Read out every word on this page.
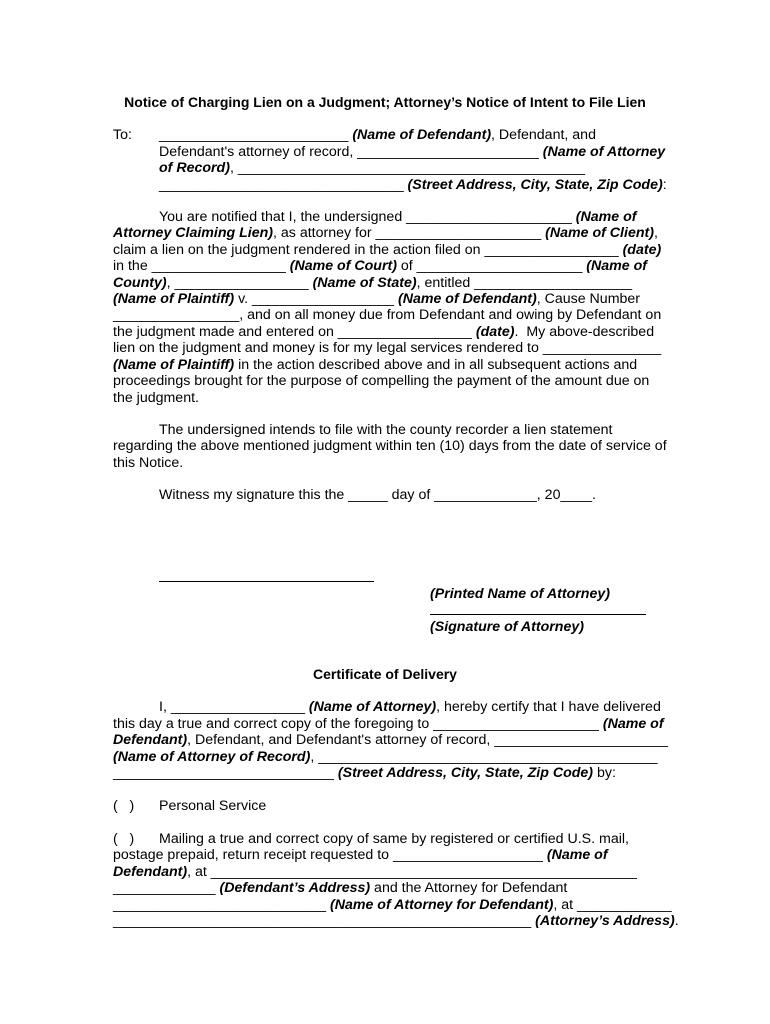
Notice of Charging Lien on a Judgment; Attorney’s Notice of Intent to File Lien
To: ________________________ (Name of Defendant), Defendant, and
Defendant's attorney of record, _______________________ (Name of Attorney
of Record), ____________________________________________
_______________________________ (Street Address, City, State, Zip Code):
You are notified that I, the undersigned _____________________ (Name of
Attorney Claiming Lien), as attorney for _____________________ (Name of Client),
claim a lien on the judgment rendered in the action filed on _________________ (date)
in the _________________ (Name of Court) of _____________________ (Name of
County), _________________ (Name of State), entitled ____________________
(Name of Plaintiff) v. __________________ (Name of Defendant), Cause Number
________________, and on all money due from Defendant and owing by Defendant on
the judgment made and entered on _________________ (date).  My above-described
lien on the judgment and money is for my legal services rendered to _______________
(Name of Plaintiff) in the action described above and in all subsequent actions and
proceedings brought for the purpose of compelling the payment of the amount due on
the judgment.
The undersigned intends to file with the county recorder a lien statement
regarding the above mentioned judgment within ten (10) days from the date of service of
this Notice.
Witness my signature this the _____ day of _____________, 20____.
(Printed Name of Attorney)
(Signature of Attorney)
Certificate of Delivery
I, _________________ (Name of Attorney), hereby certify that I have delivered
this day a true and correct copy of the foregoing to _____________________ (Name of
Defendant), Defendant, and Defendant's attorney of record, ______________________
(Name of Attorney of Record), ___________________________________________
____________________________ (Street Address, City, State, Zip Code) by:
(   ) Personal Service
(   ) Mailing a true and correct copy of same by registered or certified U.S. mail,
postage prepaid, return receipt requested to ___________________ (Name of
Defendant), at ______________________________________________________
_____________ (Defendant’s Address) and the Attorney for Defendant
___________________________ (Name of Attorney for Defendant), at ____________
_____________________________________________________ (Attorney’s Address).
